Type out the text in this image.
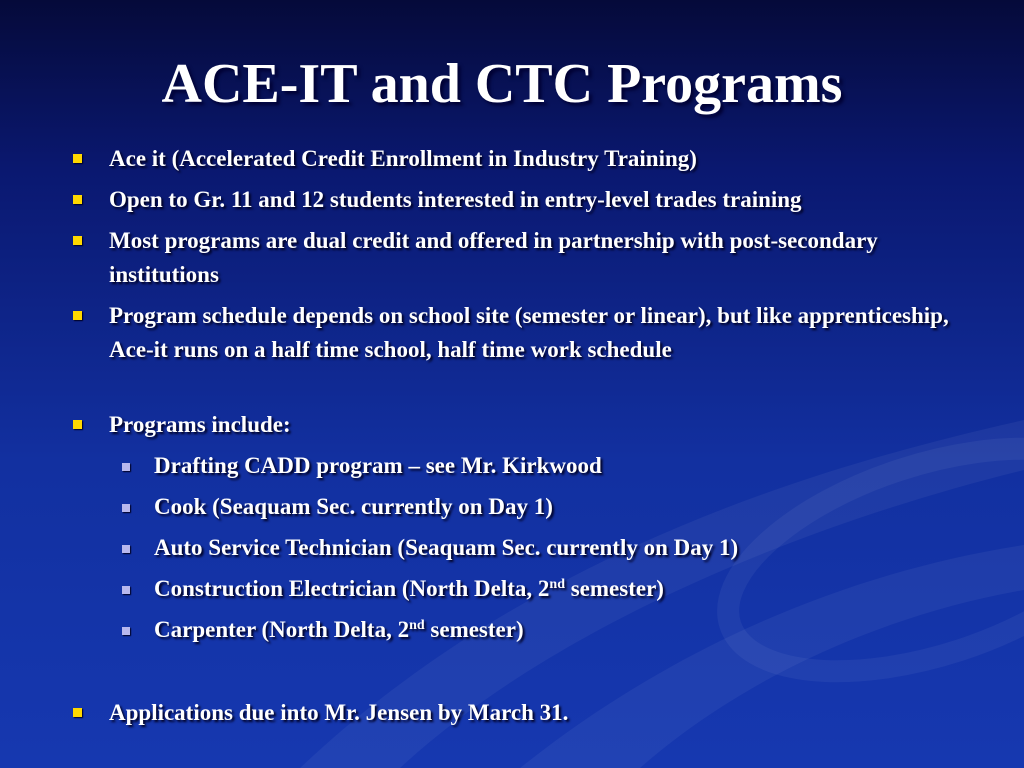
ACE-IT and CTC Programs
Ace it (Accelerated Credit Enrollment in Industry Training)
Open to Gr. 11 and 12 students interested in entry-level trades training
Most programs are dual credit and offered in partnership with post-secondary institutions
Program schedule depends on school site (semester or linear), but like apprenticeship, Ace-it runs on a half time school, half time work schedule
Programs include:
Drafting CADD program – see Mr. Kirkwood
Cook (Seaquam Sec. currently on Day 1)
Auto Service Technician (Seaquam Sec. currently on Day 1)
Construction Electrician (North Delta, 2nd semester)
Carpenter (North Delta, 2nd semester)
Applications due into Mr. Jensen by March 31.
